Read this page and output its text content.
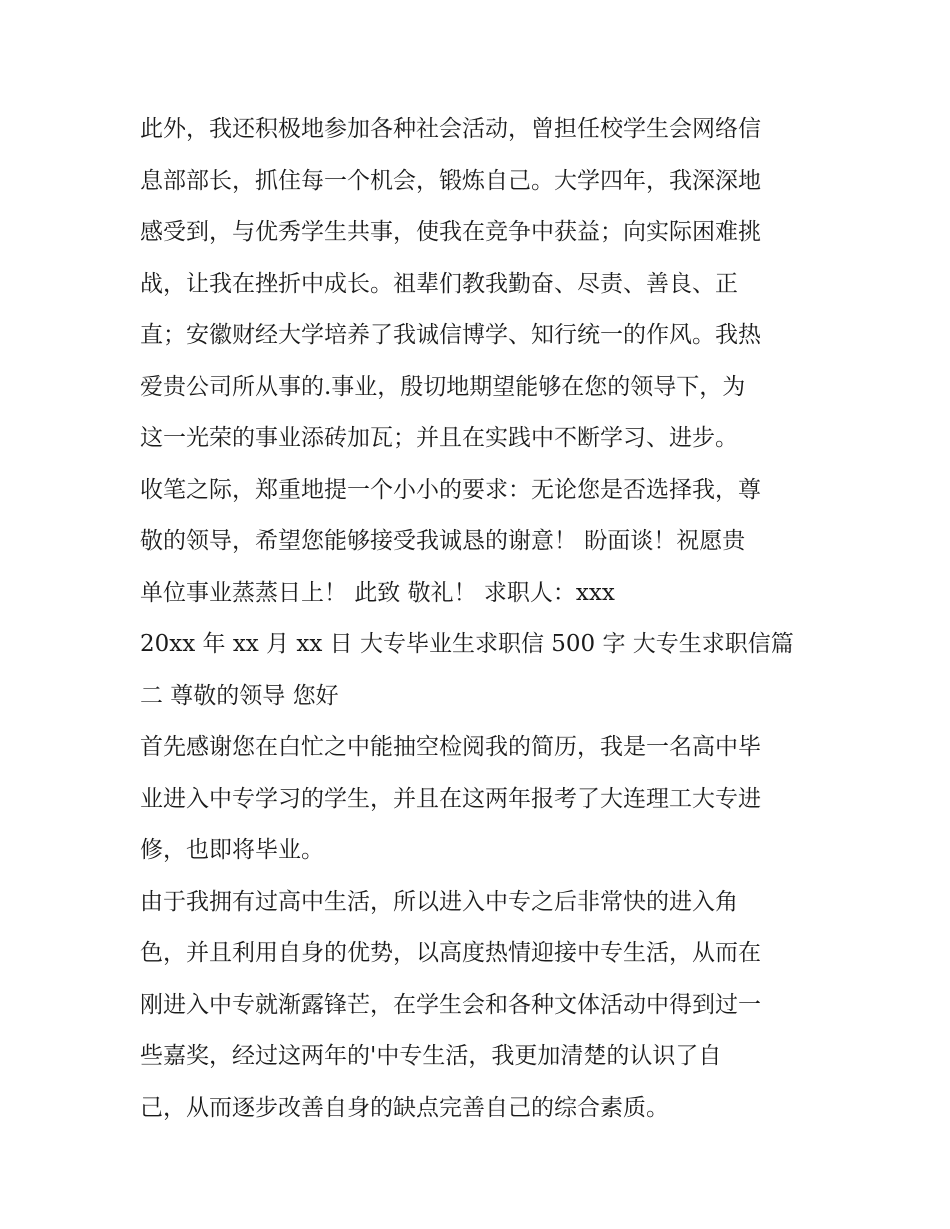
此外，我还积极地参加各种社会活动，曾担任校学生会网络信
息部部长，抓住每一个机会，锻炼自己。大学四年，我深深地
感受到，与优秀学生共事，使我在竞争中获益；向实际困难挑
战，让我在挫折中成长。祖辈们教我勤奋、尽责、善良、正
直；安徽财经大学培养了我诚信博学、知行统一的作风。我热
爱贵公司所从事的.事业，殷切地期望能够在您的领导下，为
这一光荣的事业添砖加瓦；并且在实践中不断学习、进步。
收笔之际，郑重地提一个小小的要求：无论您是否选择我，尊
敬的领导，希望您能够接受我诚恳的谢意！ 盼面谈！祝愿贵
单位事业蒸蒸日上！ 此致 敬礼！ 求职人：xxx
20xx 年 xx 月 xx 日 大专毕业生求职信 500 字 大专生求职信篇
二 尊敬的领导 您好
首先感谢您在白忙之中能抽空检阅我的简历，我是一名高中毕
业进入中专学习的学生，并且在这两年报考了大连理工大专进
修，也即将毕业。
由于我拥有过高中生活，所以进入中专之后非常快的进入角
色，并且利用自身的优势，以高度热情迎接中专生活，从而在
刚进入中专就渐露锋芒，在学生会和各种文体活动中得到过一
些嘉奖，经过这两年的'中专生活，我更加清楚的认识了自
己，从而逐步改善自身的缺点完善自己的综合素质。
